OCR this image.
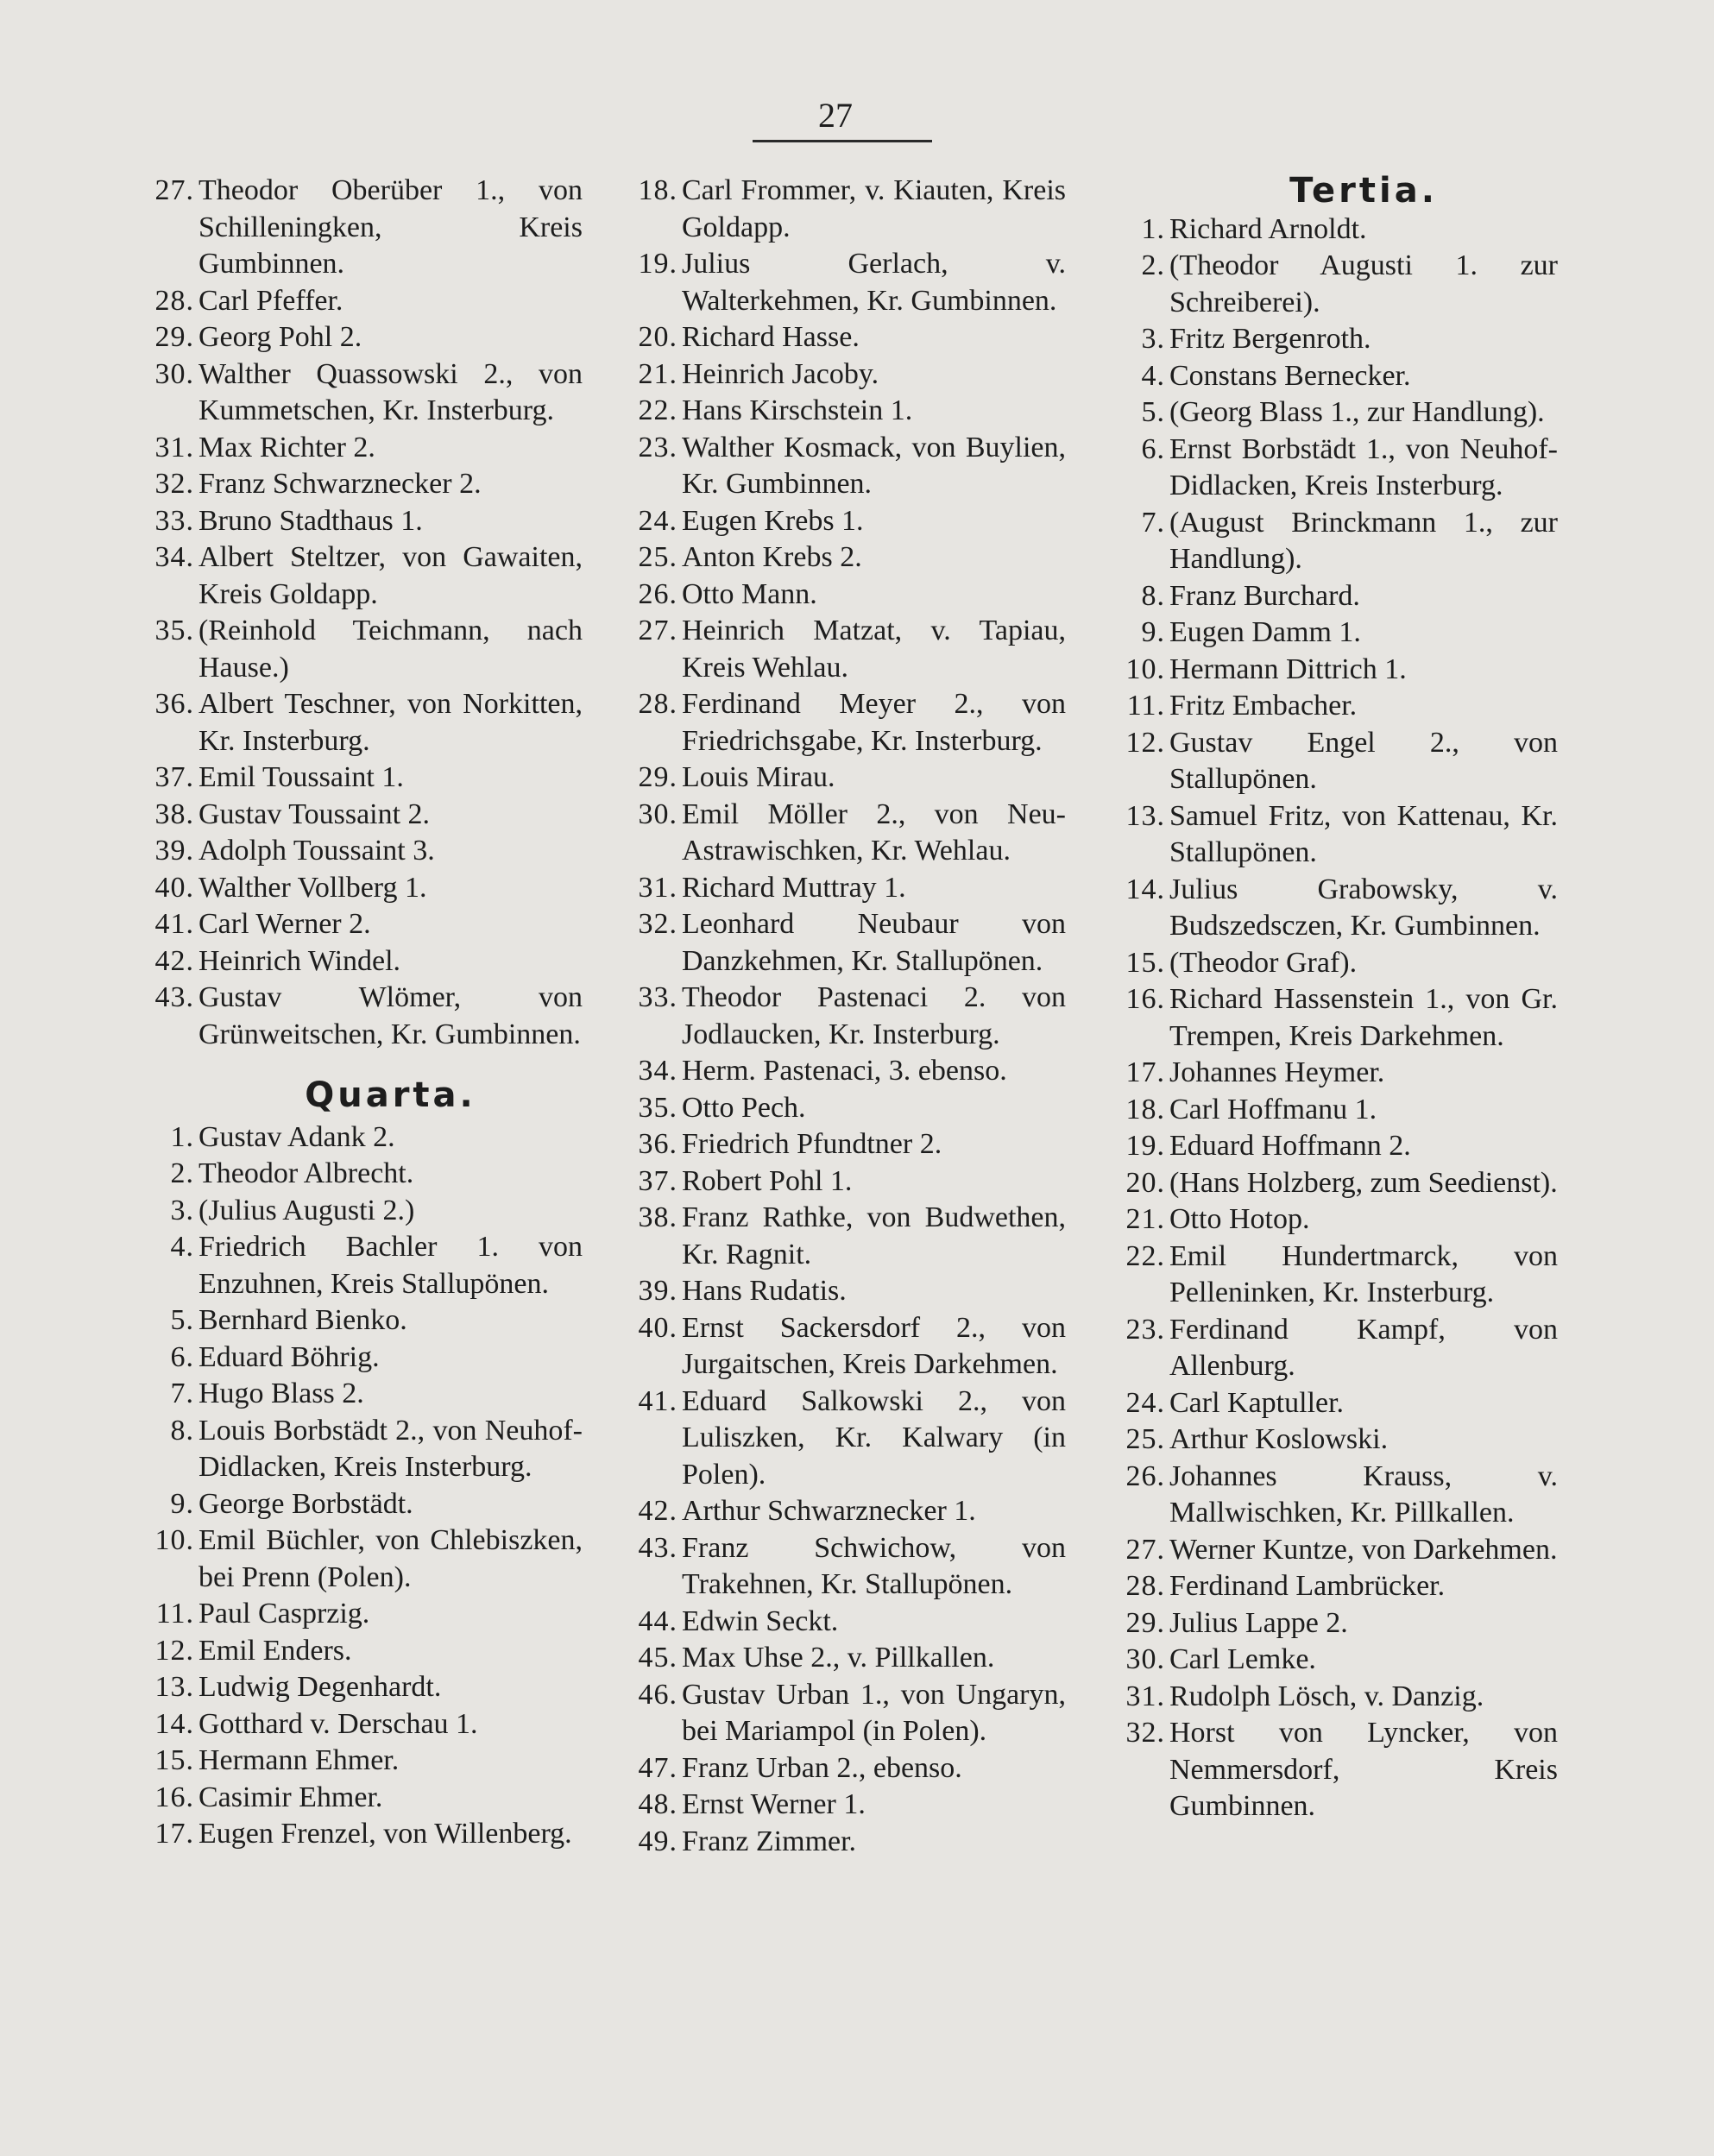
27
27. Theodor Oberüber 1., von Schilleningken, Kreis Gumbinnen.
28. Carl Pfeffer.
29. Georg Pohl 2.
30. Walther Quassowski 2., von Kummetschen, Kr. Insterburg.
31. Max Richter 2.
32. Franz Schwarznecker 2.
33. Bruno Stadthaus 1.
34. Albert Steltzer, von Gawaiten, Kreis Goldapp.
35. (Reinhold Teichmann, nach Hause.)
36. Albert Teschner, von Norkitten, Kr. Insterburg.
37. Emil Toussaint 1.
38. Gustav Toussaint 2.
39. Adolph Toussaint 3.
40. Walther Vollberg 1.
41. Carl Werner 2.
42. Heinrich Windel.
43. Gustav Wlömer, von Grünweitschen, Kr. Gumbinnen.
Quarta.
1. Gustav Adank 2.
2. Theodor Albrecht.
3. (Julius Augusti 2.)
4. Friedrich Bachler 1. von Enzuhnen, Kreis Stallupönen.
5. Bernhard Bienko.
6. Eduard Böhrig.
7. Hugo Blass 2.
8. Louis Borbstädt 2., von Neuhof-Didlacken, Kreis Insterburg.
9. George Borbstädt.
10. Emil Büchler, von Chlebiszken, bei Prenn (Polen).
11. Paul Casprzig.
12. Emil Enders.
13. Ludwig Degenhardt.
14. Gotthard v. Derschau 1.
15. Hermann Ehmer.
16. Casimir Ehmer.
17. Eugen Frenzel, von Willenberg.
18. Carl Frommer, v. Kiauten, Kreis Goldapp.
19. Julius Gerlach, v. Walterkehmen, Kr. Gumbinnen.
20. Richard Hasse.
21. Heinrich Jacoby.
22. Hans Kirschstein 1.
23. Walther Kosmack, von Buylien, Kr. Gumbinnen.
24. Eugen Krebs 1.
25. Anton Krebs 2.
26. Otto Mann.
27. Heinrich Matzat, v. Tapiau, Kreis Wehlau.
28. Ferdinand Meyer 2., von Friedrichsgabe, Kr. Insterburg.
29. Louis Mirau.
30. Emil Möller 2., von Neu-Astrawischken, Kr. Wehlau.
31. Richard Muttray 1.
32. Leonhard Neubaur von Danzkehmen, Kr. Stallupönen.
33. Theodor Pastenaci 2. von Jodlaucken, Kr. Insterburg.
34. Herm. Pastenaci, 3. ebenso.
35. Otto Pech.
36. Friedrich Pfundtner 2.
37. Robert Pohl 1.
38. Franz Rathke, von Budwethen, Kr. Ragnit.
39. Hans Rudatis.
40. Ernst Sackersdorf 2., von Jurgaitschen, Kreis Darkehmen.
41. Eduard Salkowski 2., von Luliszken, Kr. Kalwary (in Polen).
42. Arthur Schwarznecker 1.
43. Franz Schwichow, von Trakehnen, Kr. Stallupönen.
44. Edwin Seckt.
45. Max Uhse 2., v. Pillkallen.
46. Gustav Urban 1., von Ungaryn, bei Mariampol (in Polen).
47. Franz Urban 2., ebenso.
48. Ernst Werner 1.
49. Franz Zimmer.
Tertia.
1. Richard Arnoldt.
2. (Theodor Augusti 1. zur Schreiberei).
3. Fritz Bergenroth.
4. Constans Bernecker.
5. (Georg Blass 1., zur Handlung).
6. Ernst Borbstädt 1., von Neuhof-Didlacken, Kreis Insterburg.
7. (August Brinckmann 1., zur Handlung).
8. Franz Burchard.
9. Eugen Damm 1.
10. Hermann Dittrich 1.
11. Fritz Embacher.
12. Gustav Engel 2., von Stallupönen.
13. Samuel Fritz, von Kattenau, Kr. Stallupönen.
14. Julius Grabowsky, v. Budszedsczen, Kr. Gumbinnen.
15. (Theodor Graf).
16. Richard Hassenstein 1., von Gr. Trempen, Kreis Darkehmen.
17. Johannes Heymer.
18. Carl Hoffmanu 1.
19. Eduard Hoffmann 2.
20. (Hans Holzberg, zum Seedienst).
21. Otto Hotop.
22. Emil Hundertmarck, von Pelleninken, Kr. Insterburg.
23. Ferdinand Kampf, von Allenburg.
24. Carl Kaptuller.
25. Arthur Koslowski.
26. Johannes Krauss, v. Mallwischken, Kr. Pillkallen.
27. Werner Kuntze, von Darkehmen.
28. Ferdinand Lambrücker.
29. Julius Lappe 2.
30. Carl Lemke.
31. Rudolph Lösch, v. Danzig.
32. Horst von Lyncker, von Nemmersdorf, Kreis Gumbinnen.
